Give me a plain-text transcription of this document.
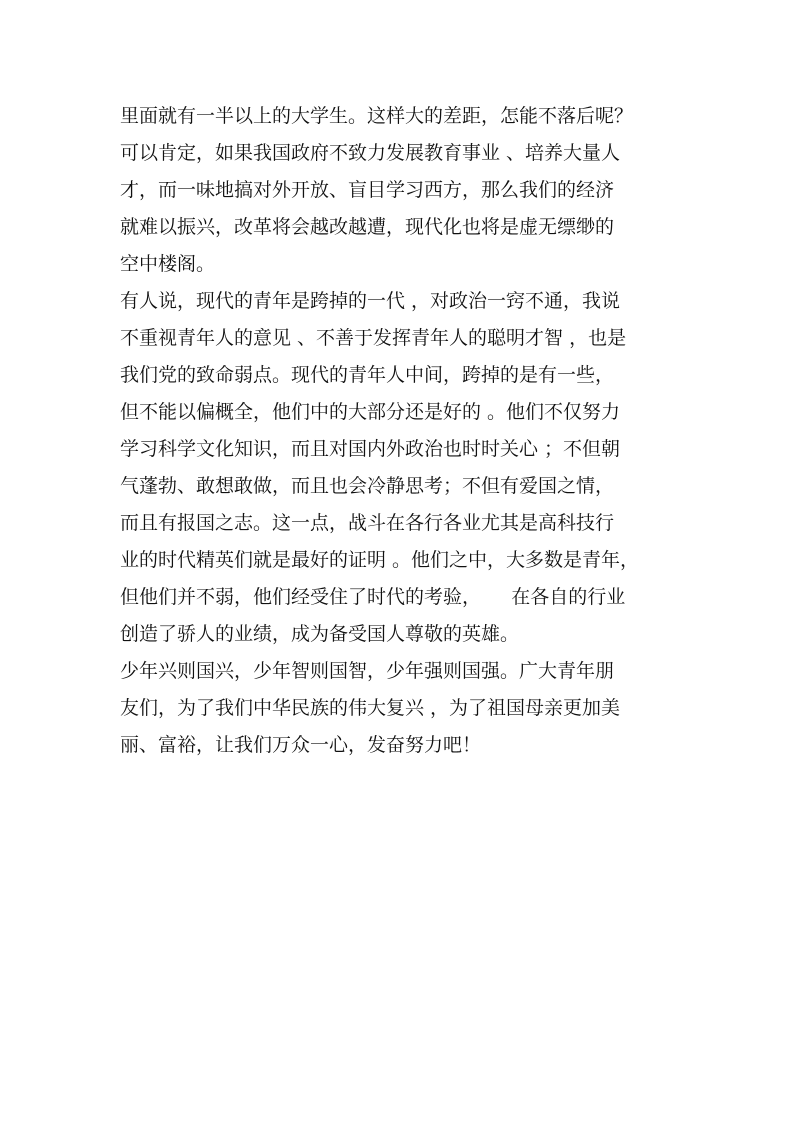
里面就有一半以上的大学生。这样大的差距，怎能不落后呢？
可以肯定，如果我国政府不致力发展教育事业 、培养大量人
才，而一味地搞对外开放、盲目学习西方，那么我们的经济
就难以振兴，改革将会越改越遭，现代化也将是虚无缥缈的
空中楼阁。
有人说，现代的青年是跨掉的一代 ，对政治一窍不通，我说
不重视青年人的意见 、不善于发挥青年人的聪明才智 ，也是
我们党的致命弱点。现代的青年人中间，跨掉的是有一些，
但不能以偏概全，他们中的大部分还是好的 。他们不仅努力
学习科学文化知识，而且对国内外政治也时时关心 ；不但朝
气蓬勃、敢想敢做，而且也会冷静思考；不但有爱国之情，
而且有报国之志。这一点，战斗在各行各业尤其是高科技行
业的时代精英们就是最好的证明 。他们之中，大多数是青年，
但他们并不弱，他们经受住了时代的考验，     在各自的行业
创造了骄人的业绩，成为备受国人尊敬的英雄。
少年兴则国兴，少年智则国智，少年强则国强。广大青年朋
友们，为了我们中华民族的伟大复兴 ，为了祖国母亲更加美
丽、富裕，让我们万众一心，发奋努力吧！
